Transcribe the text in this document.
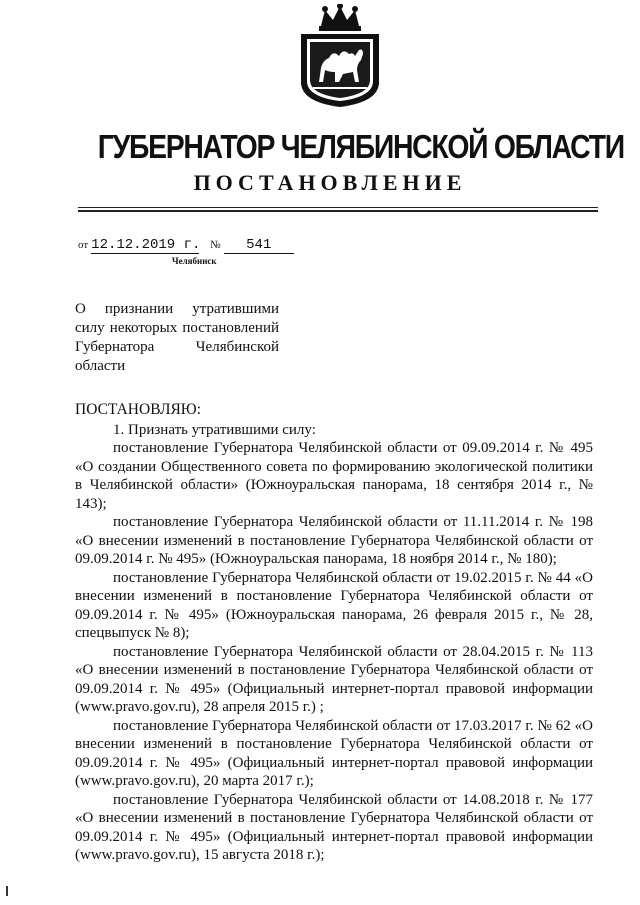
ГУБЕРНАТОР ЧЕЛЯБИНСКОЙ ОБЛАСТИ
ПОСТАНОВЛЕНИЕ
от 12.12.2019 г. № 541
Челябинск
О признании утратившими
силу некоторых постановлений
Губернатора Челябинской
области

ПОСТАНОВЛЯЮ:

1. Признать утратившими силу:

постановление Губернатора Челябинской области от 09.09.2014 г. № 495 «О создании Общественного совета по формированию экологической политики в Челябинской области» (Южноуральская панорама, 18 сентября 2014 г., № 143);

постановление Губернатора Челябинской области от 11.11.2014 г. № 198 «О внесении изменений в постановление Губернатора Челябинской области от 09.09.2014 г. № 495» (Южноуральская панорама, 18 ноября 2014 г., № 180);

постановление Губернатора Челябинской области от 19.02.2015 г. № 44 «О внесении изменений в постановление Губернатора Челябинской области от 09.09.2014 г. № 495» (Южноуральская панорама, 26 февраля 2015 г., № 28, спецвыпуск № 8);

постановление Губернатора Челябинской области от 28.04.2015 г. № 113 «О внесении изменений в постановление Губернатора Челябинской области от 09.09.2014 г. № 495» (Официальный интернет-портал правовой информации (www.pravo.gov.ru), 28 апреля 2015 г.) ;

постановление Губернатора Челябинской области от 17.03.2017 г. № 62 «О внесении изменений в постановление Губернатора Челябинской области от 09.09.2014 г. № 495» (Официальный интернет-портал правовой информации (www.pravo.gov.ru), 20 марта 2017 г.);

постановление Губернатора Челябинской области от 14.08.2018 г. № 177 «О внесении изменений в постановление Губернатора Челябинской области от 09.09.2014 г. № 495» (Официальный интернет-портал правовой информации (www.pravo.gov.ru), 15 августа 2018 г.);
